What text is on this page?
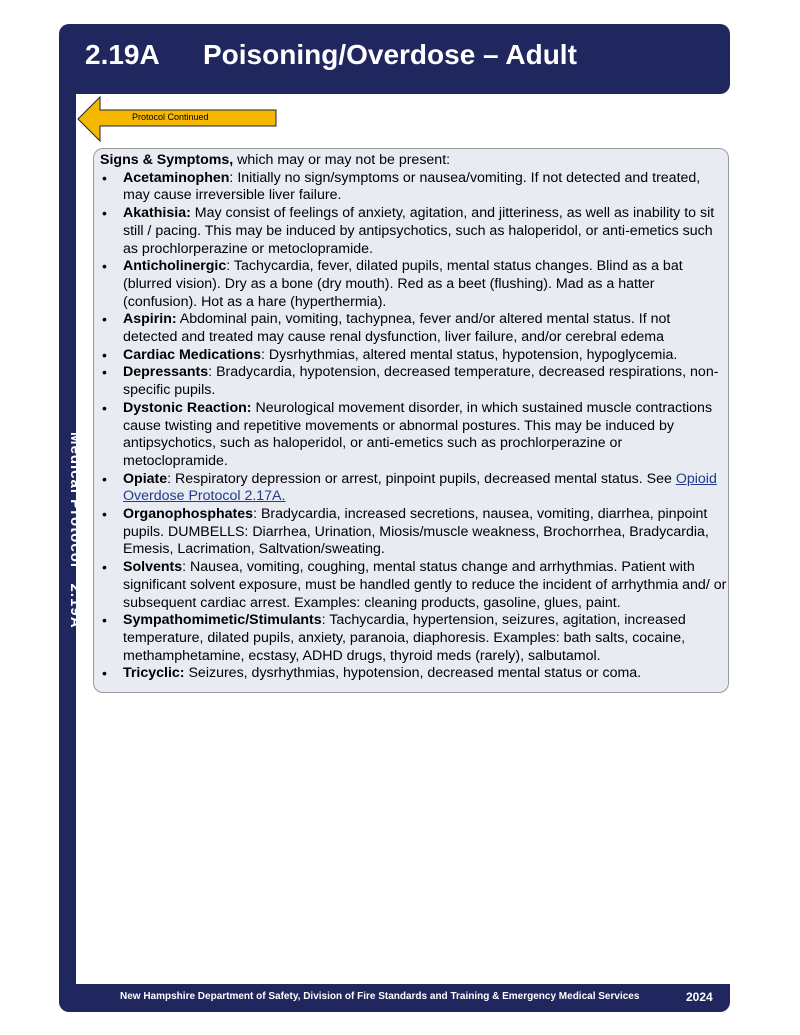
2.19A Poisoning/Overdose – Adult
Medical Protocol   2.19A
Protocol Continued
Signs & Symptoms, which may or may not be present:
• Acetaminophen: Initially no sign/symptoms or nausea/vomiting. If not detected and treated, may cause irreversible liver failure.
• Akathisia: May consist of feelings of anxiety, agitation, and jitteriness, as well as inability to sit still / pacing. This may be induced by antipsychotics, such as haloperidol, or anti-emetics such as prochlorperazine or metoclopramide.
• Anticholinergic: Tachycardia, fever, dilated pupils, mental status changes. Blind as a bat (blurred vision). Dry as a bone (dry mouth). Red as a beet (flushing). Mad as a hatter (confusion). Hot as a hare (hyperthermia).
• Aspirin: Abdominal pain, vomiting, tachypnea, fever and/or altered mental status. If not detected and treated may cause renal dysfunction, liver failure, and/or cerebral edema
• Cardiac Medications: Dysrhythmias, altered mental status, hypotension, hypoglycemia.
• Depressants: Bradycardia, hypotension, decreased temperature, decreased respirations, non-specific pupils.
• Dystonic Reaction: Neurological movement disorder, in which sustained muscle contractions cause twisting and repetitive movements or abnormal postures. This may be induced by antipsychotics, such as haloperidol, or anti-emetics such as prochlorperazine or metoclopramide.
• Opiate: Respiratory depression or arrest, pinpoint pupils, decreased mental status. See Opioid Overdose Protocol 2.17A.
• Organophosphates: Bradycardia, increased secretions, nausea, vomiting, diarrhea, pinpoint pupils. DUMBELLS: Diarrhea, Urination, Miosis/muscle weakness, Brochorrhea, Bradycardia, Emesis, Lacrimation, Saltvation/sweating.
• Solvents: Nausea, vomiting, coughing, mental status change and arrhythmias. Patient with significant solvent exposure, must be handled gently to reduce the incident of arrhythmia and/ or subsequent cardiac arrest. Examples: cleaning products, gasoline, glues, paint.
• Sympathomimetic/Stimulants: Tachycardia, hypertension, seizures, agitation, increased temperature, dilated pupils, anxiety, paranoia, diaphoresis. Examples: bath salts, cocaine, methamphetamine, ecstasy, ADHD drugs, thyroid meds (rarely), salbutamol.
• Tricyclic: Seizures, dysrhythmias, hypotension, decreased mental status or coma.
New Hampshire Department of Safety, Division of Fire Standards and Training & Emergency Medical Services	2024
